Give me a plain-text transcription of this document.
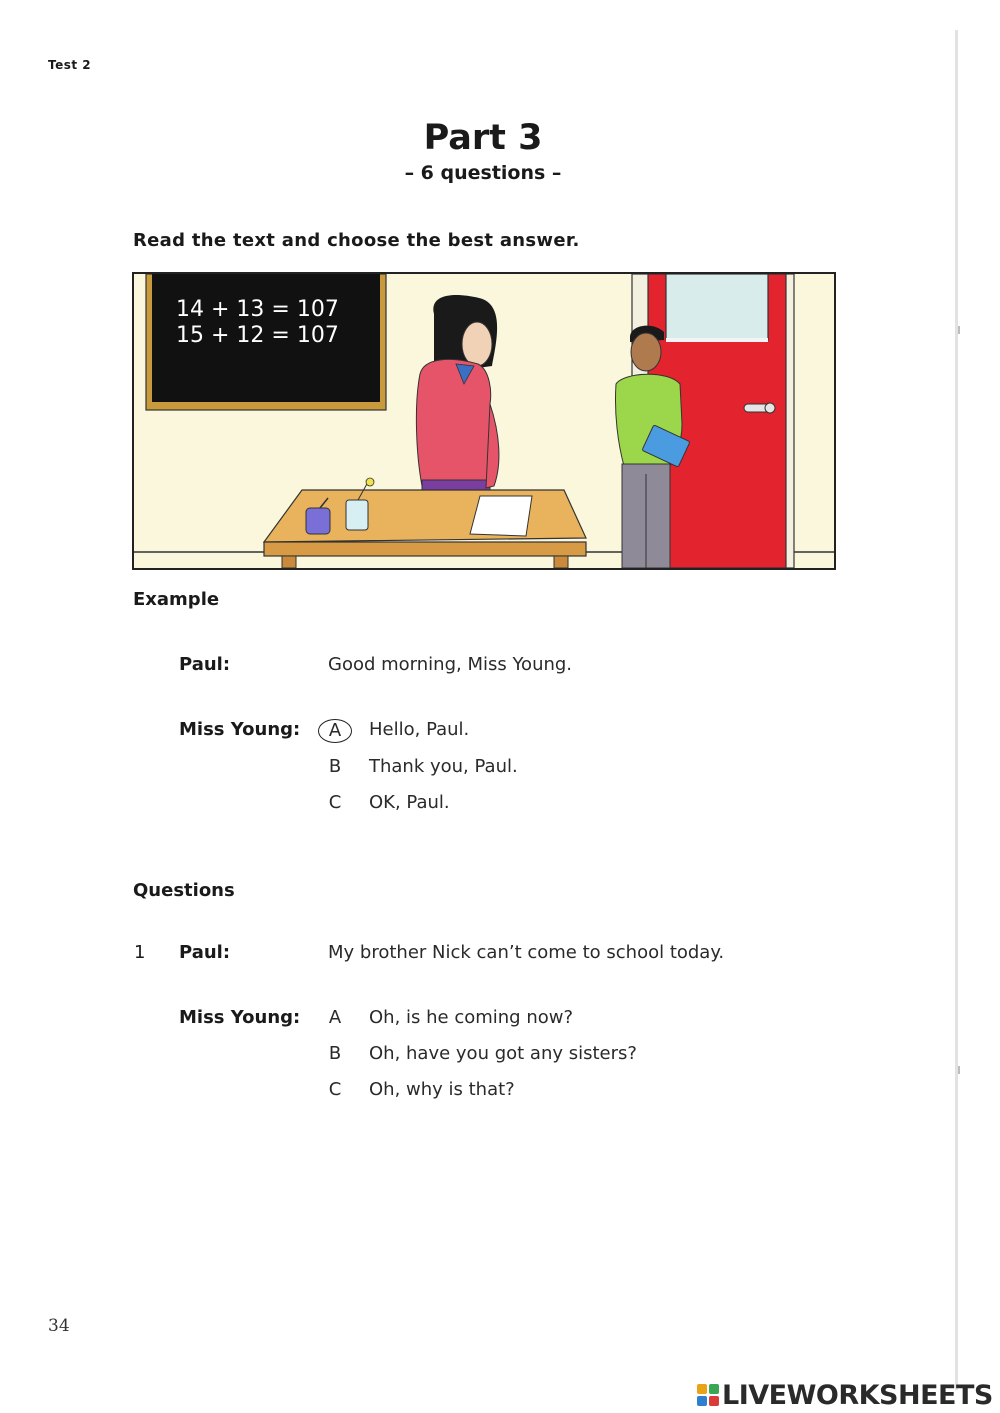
Test 2
Part 3
– 6 questions –
Read the text and choose the best answer.
14 + 13 = 107
15 + 12 = 107
Example
Paul:	Good morning, Miss Young.
Miss Young:	A	Hello, Paul.
B	Thank you, Paul.
C	OK, Paul.
Questions
1 Paul:	My brother Nick can’t come to school today.
Miss Young:	A	Oh, is he coming now?
B	Oh, have you got any sisters?
C	Oh, why is that?
34
LIVEWORKSHEETS
